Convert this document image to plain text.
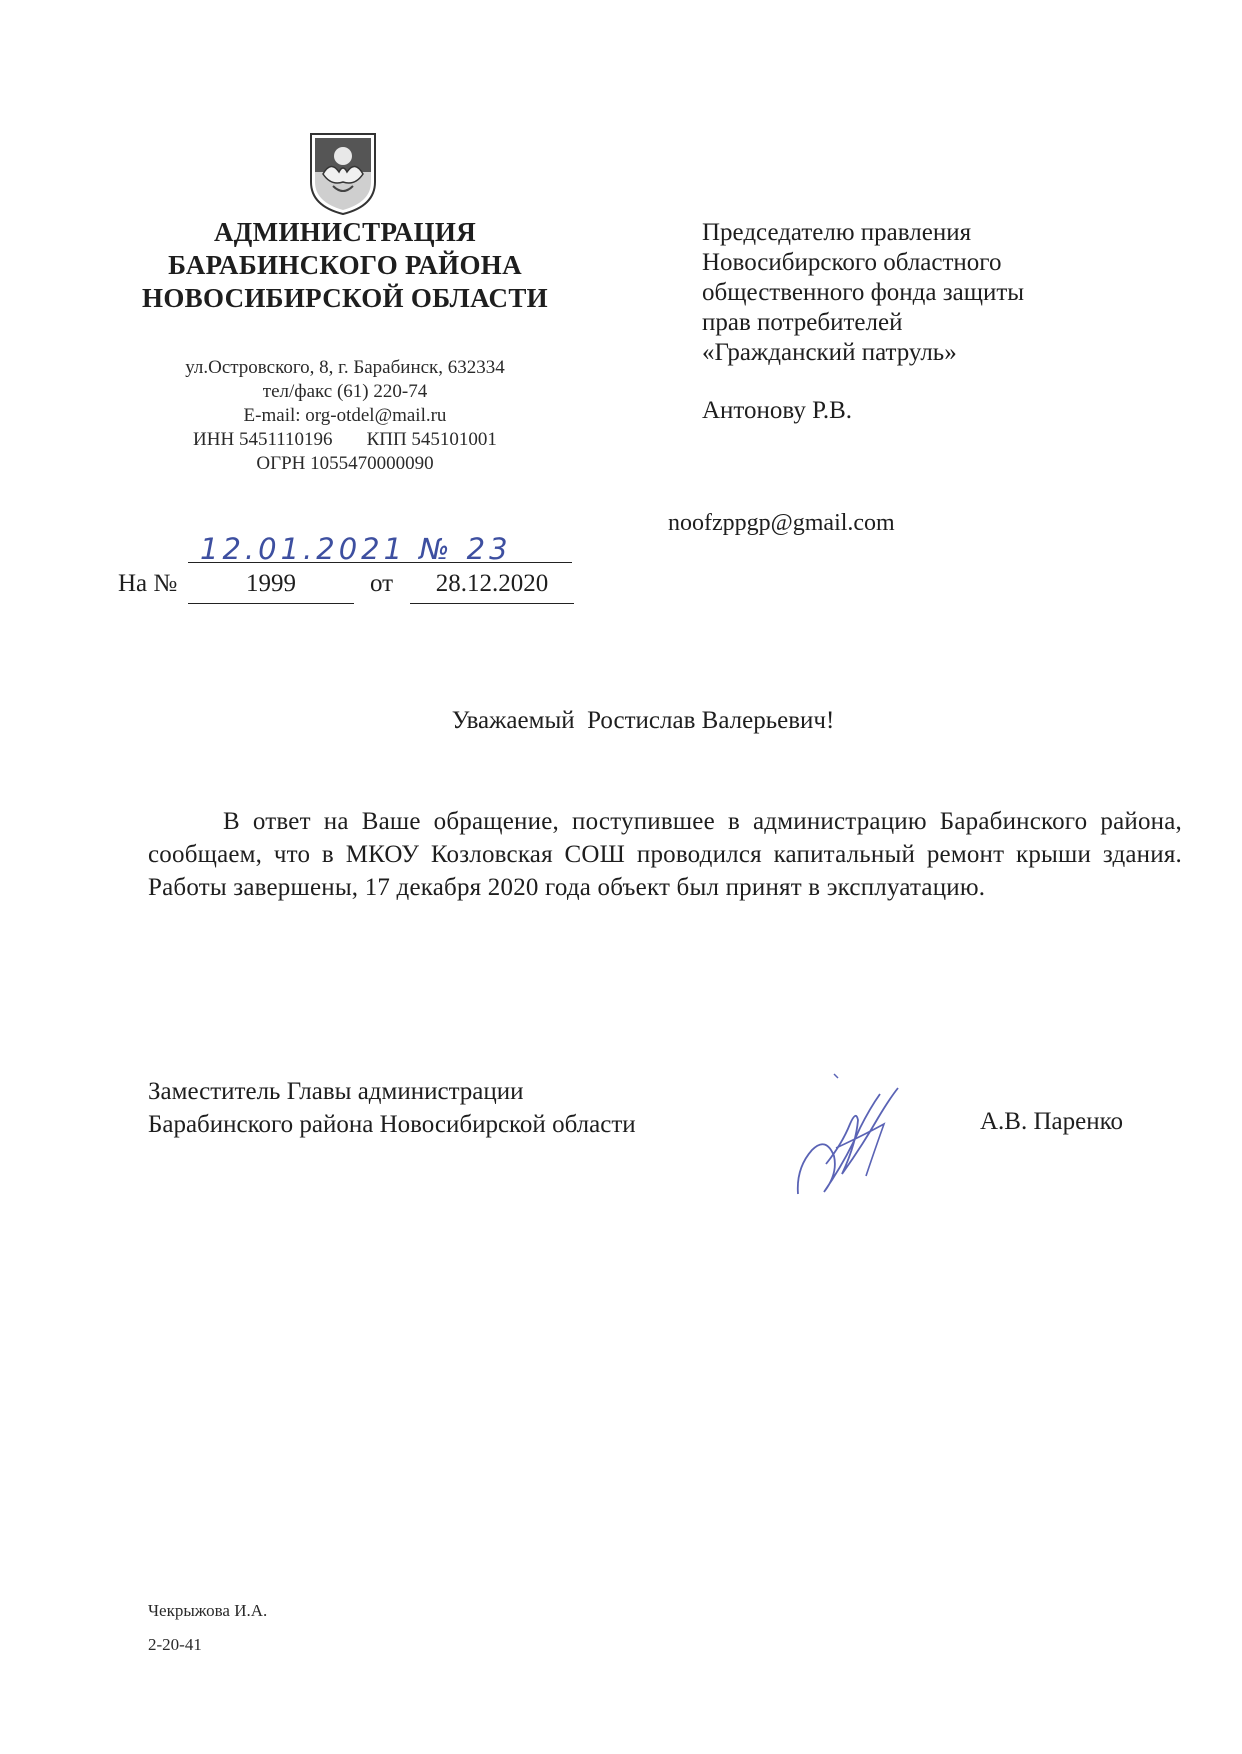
АДМИНИСТРАЦИЯ
БАРАБИНСКОГО РАЙОНА
НОВОСИБИРСКОЙ ОБЛАСТИ
ул.Островского, 8, г. Барабинск, 632334
тел/факс (61) 220-74
E-mail: org-otdel@mail.ru
ИНН 5451110196 КПП 545101001
ОГРН 1055470000090
Председателю правления
Новосибирского областного
общественного фонда защиты
прав потребителей
«Гражданский патруль»
Антонову Р.В.
noofzppgp@gmail.com
12.01.2021 № 23
На №	1999	от	28.12.2020
Уважаемый  Ростислав Валерьевич!
В ответ на Ваше обращение, поступившее в администрацию Барабинского района, сообщаем, что в МКОУ Козловская СОШ проводился капитальный ремонт крыши здания. Работы завершены, 17 декабря 2020 года объект был принят в эксплуатацию.
Заместитель Главы администрации
Барабинского района Новосибирской области	А.В. Паренко
Чекрыжова И.А.
2-20-41
